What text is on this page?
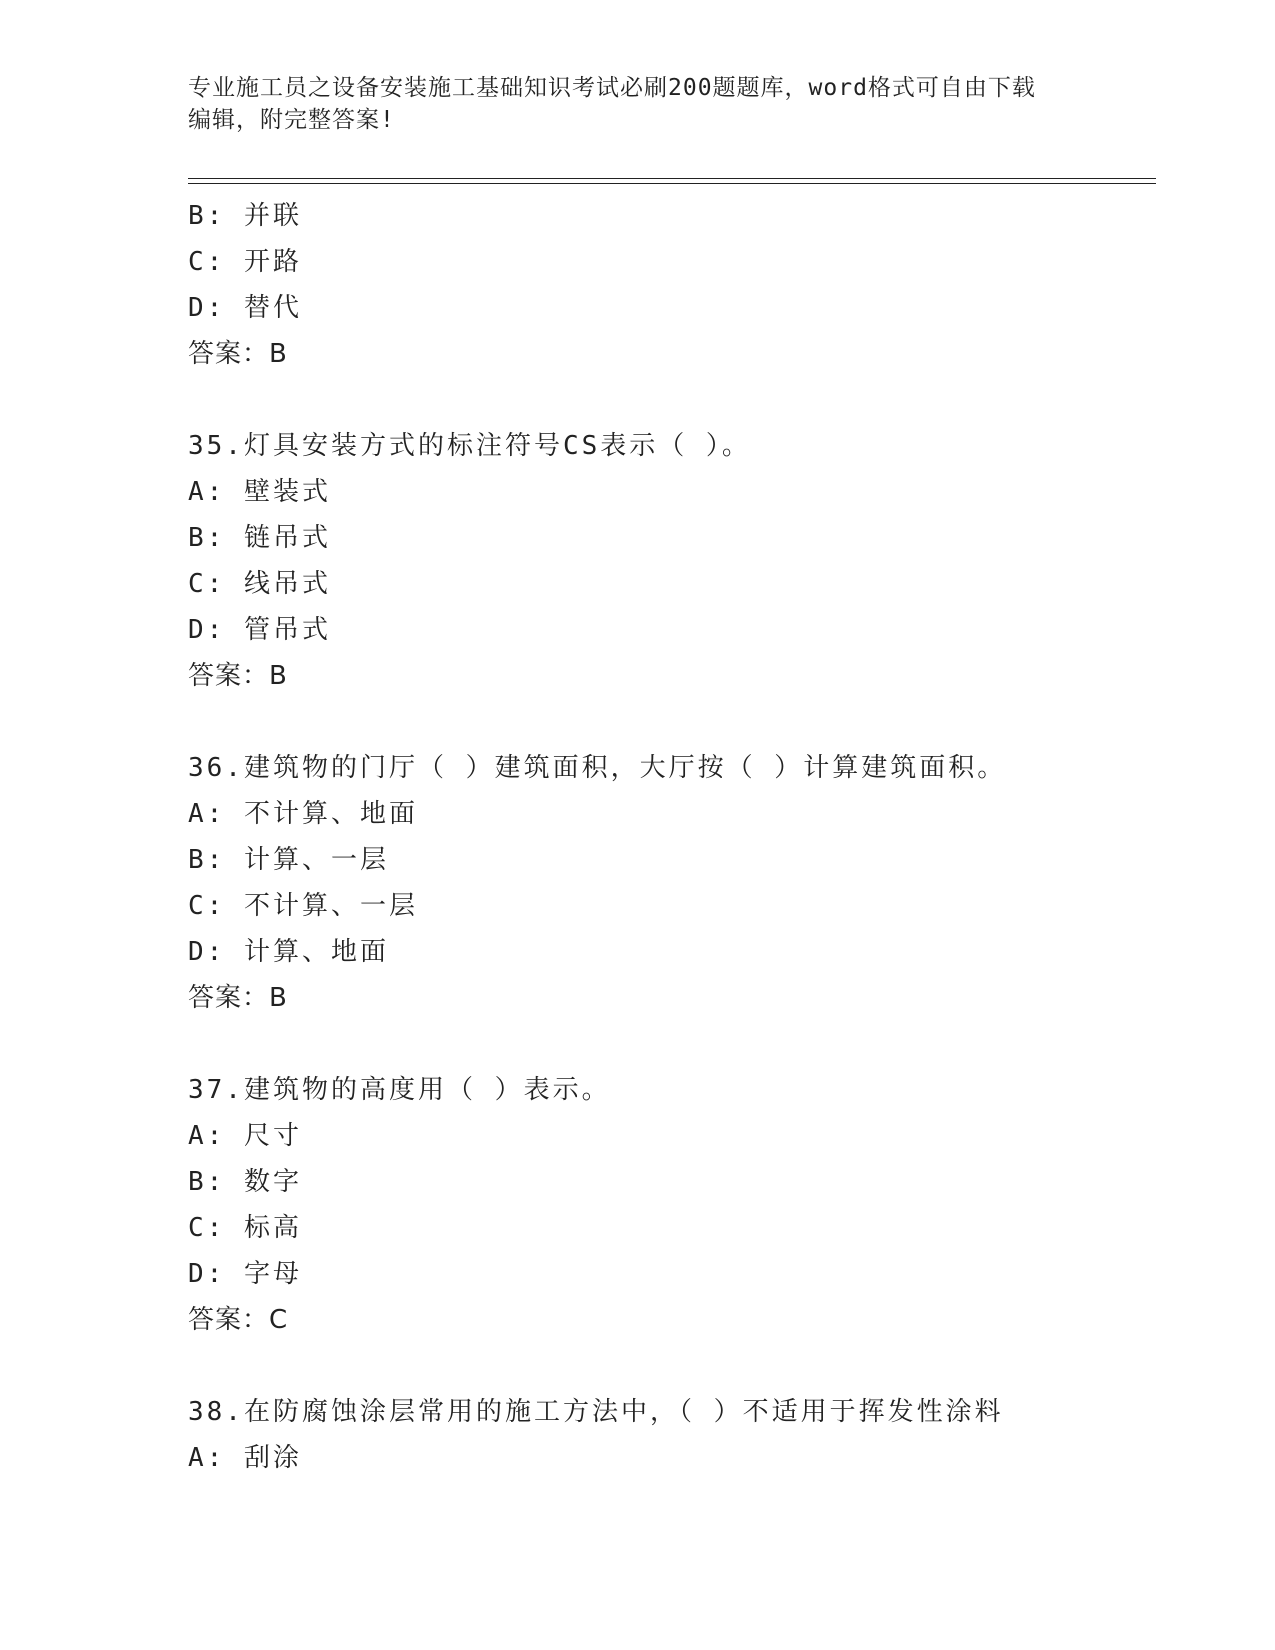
专业施工员之设备安装施工基础知识考试必刷200题题库，word格式可自由下载
编辑，附完整答案!
B: 并联
C: 开路
D: 替代
答案：B
35.灯具安装方式的标注符号CS表示（ ）。
A: 壁装式
B: 链吊式
C: 线吊式
D: 管吊式
答案：B
36.建筑物的门厅（ ）建筑面积，大厅按（ ）计算建筑面积。
A: 不计算、地面
B: 计算、一层
C: 不计算、一层
D: 计算、地面
答案：B
37.建筑物的高度用（ ）表示。
A: 尺寸
B: 数字
C: 标高
D: 字母
答案：C
38.在防腐蚀涂层常用的施工方法中，（ ）不适用于挥发性涂料
A: 刮涂
